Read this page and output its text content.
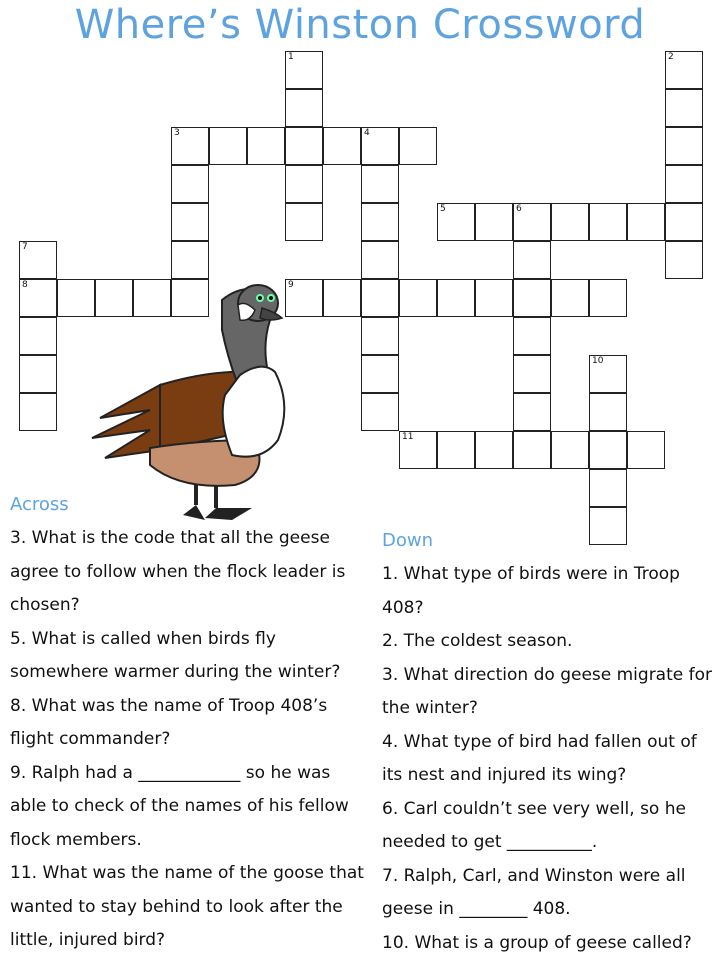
Where’s Winston Crossword
1	2
3	4
5	6
7
8	9
10
11
Across
3. What is the code that all the geese agree to follow when the flock leader is chosen?
5. What is called when birds fly somewhere warmer during the winter?
8. What was the name of Troop 408’s flight commander?
9. Ralph had a ____________ so he was able to check of the names of his fellow flock members.
11. What was the name of the goose that wanted to stay behind to look after the little, injured bird?
Down
1. What type of birds were in Troop 408?
2. The coldest season.
3. What direction do geese migrate for the winter?
4. What type of bird had fallen out of its nest and injured its wing?
6. Carl couldn’t see very well, so he needed to get __________.
7. Ralph, Carl, and Winston were all geese in ________ 408.
10. What is a group of geese called?
